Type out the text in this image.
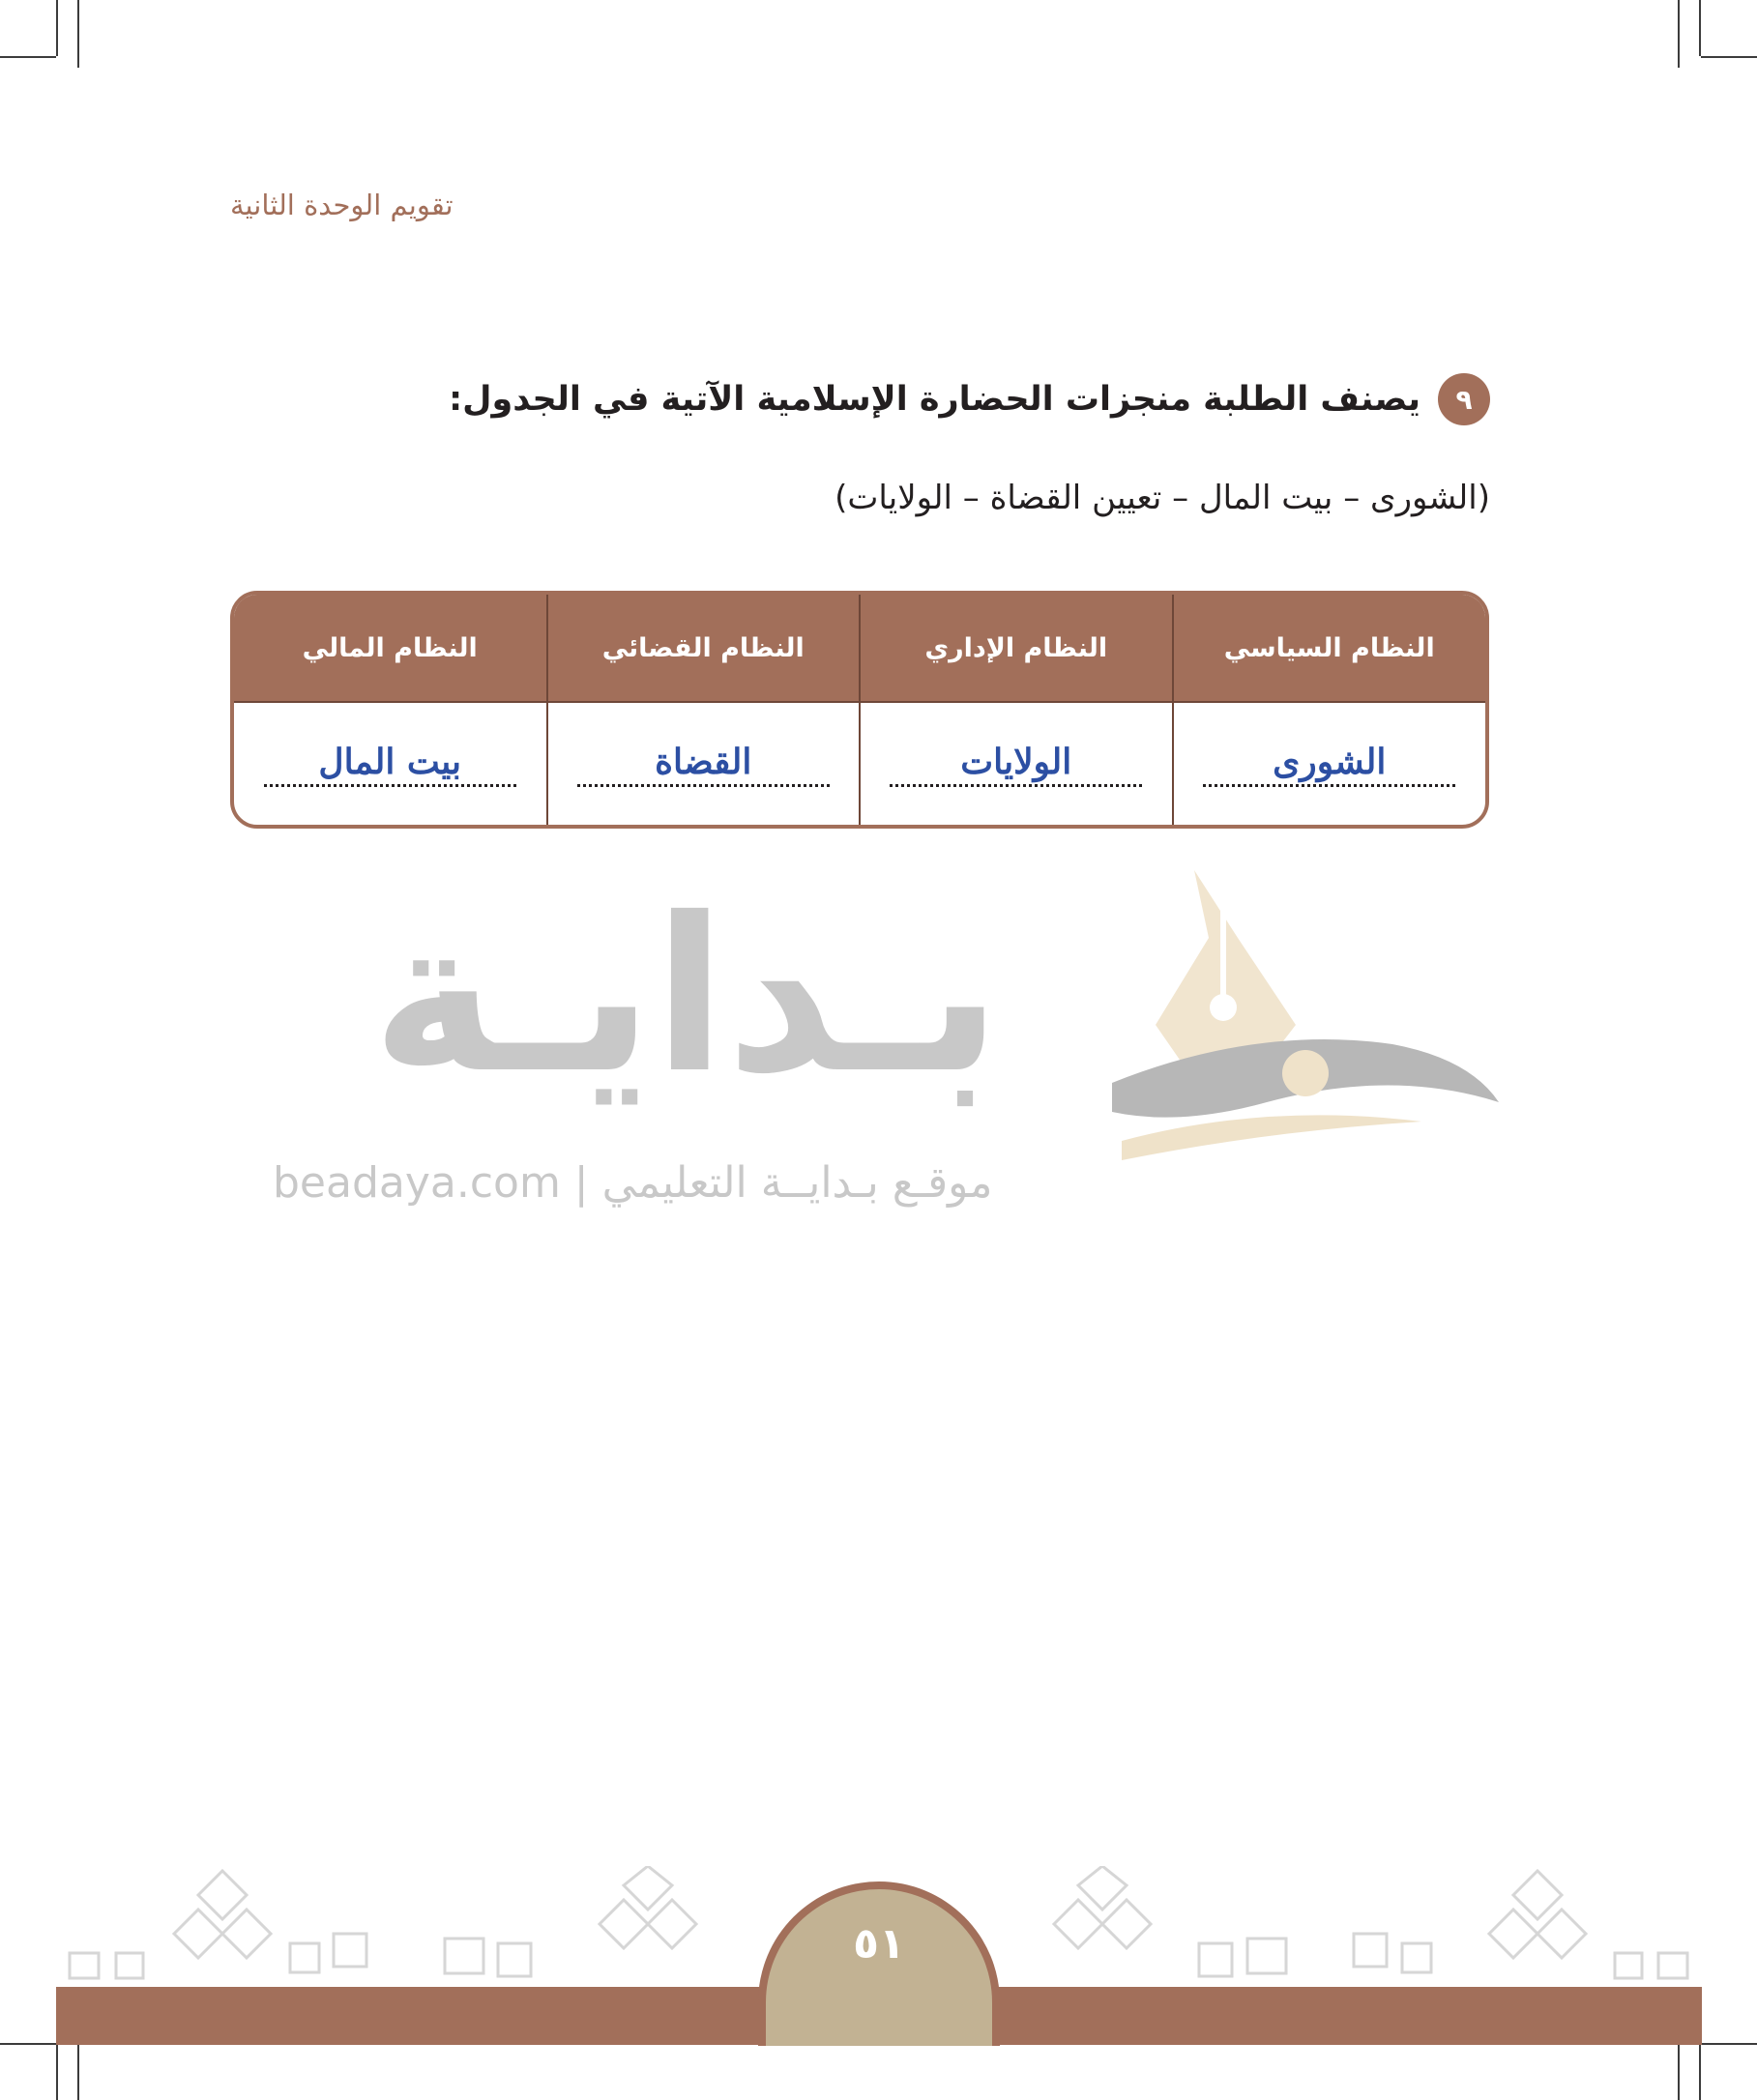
تقويم الوحدة الثانية
٩
يصنف الطلبة منجزات الحضارة الإسلامية الآتية في الجدول:
(الشورى – بيت المال – تعيين القضاة – الولايات)
النظام السياسي	النظام الإداري	النظام القضائي	النظام المالي

الشورى	الولايات	القضاة	بيت المال
بـدايـة
beadaya.com | موقـع بـدايــة التعليمي
٥١
